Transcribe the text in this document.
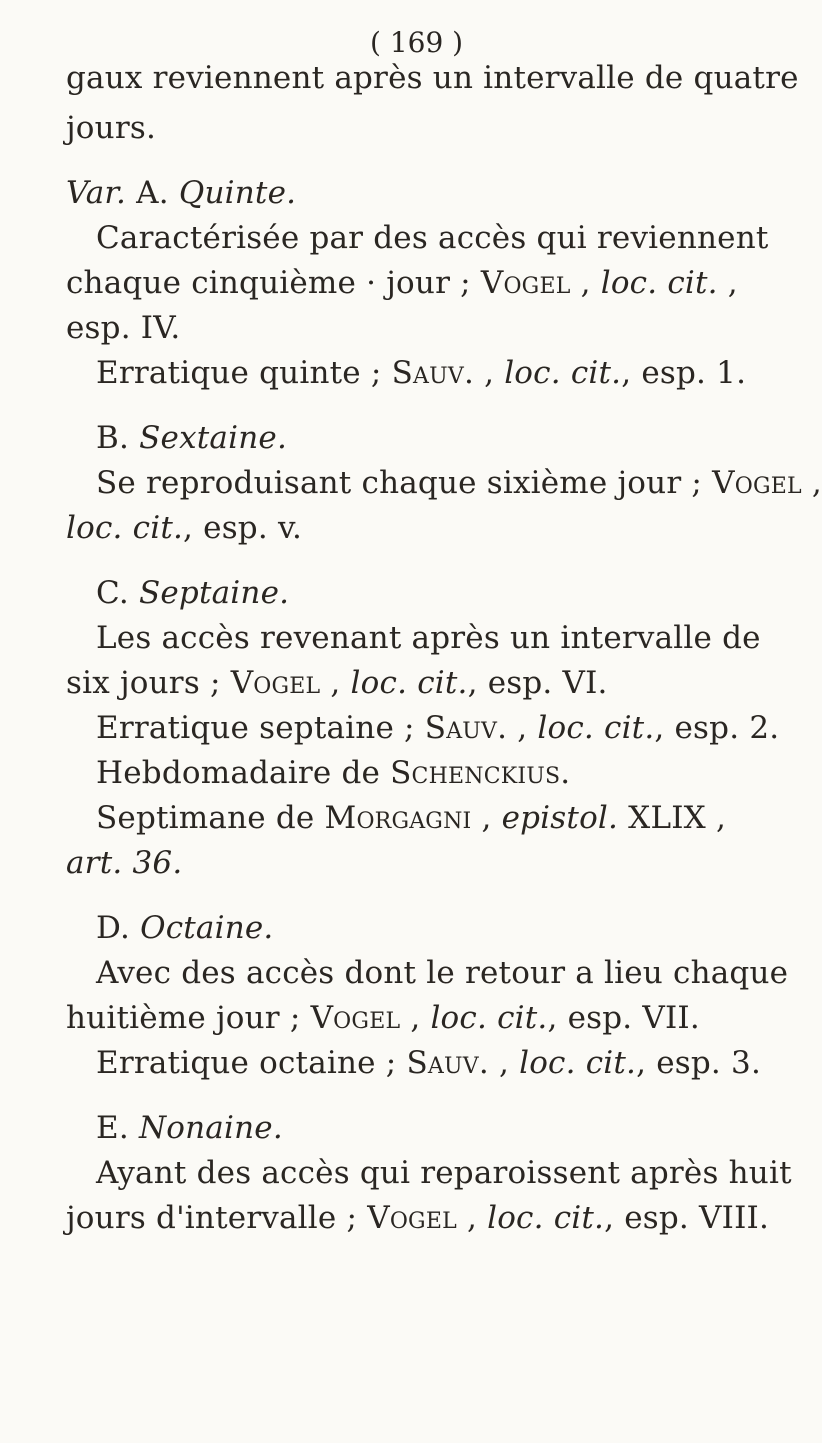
( 169 )
gaux reviennent après un intervalle de quatre
jours.
Var. A. Quinte.
Caractérisée par des accès qui reviennent
chaque cinquième · jour ; Vogel , loc. cit. ,
esp. IV.
Erratique quinte ; Sauv. , loc. cit., esp. 1.
B. Sextaine.
Se reproduisant chaque sixième jour ; Vogel ,
loc. cit., esp. v.
C. Septaine.
Les accès revenant après un intervalle de
six jours ; Vogel , loc. cit., esp. VI.
Erratique septaine ; Sauv. , loc. cit., esp. 2.
Hebdomadaire de Schenckius.
Septimane de Morgagni , epistol. XLIX ,
art. 36.
D. Octaine.
Avec des accès dont le retour a lieu chaque
huitième jour ; Vogel , loc. cit., esp. VII.
Erratique octaine ; Sauv. , loc. cit., esp. 3.
E. Nonaine.
Ayant des accès qui reparoissent après huit
jours d'intervalle ; Vogel , loc. cit., esp. VIII.
